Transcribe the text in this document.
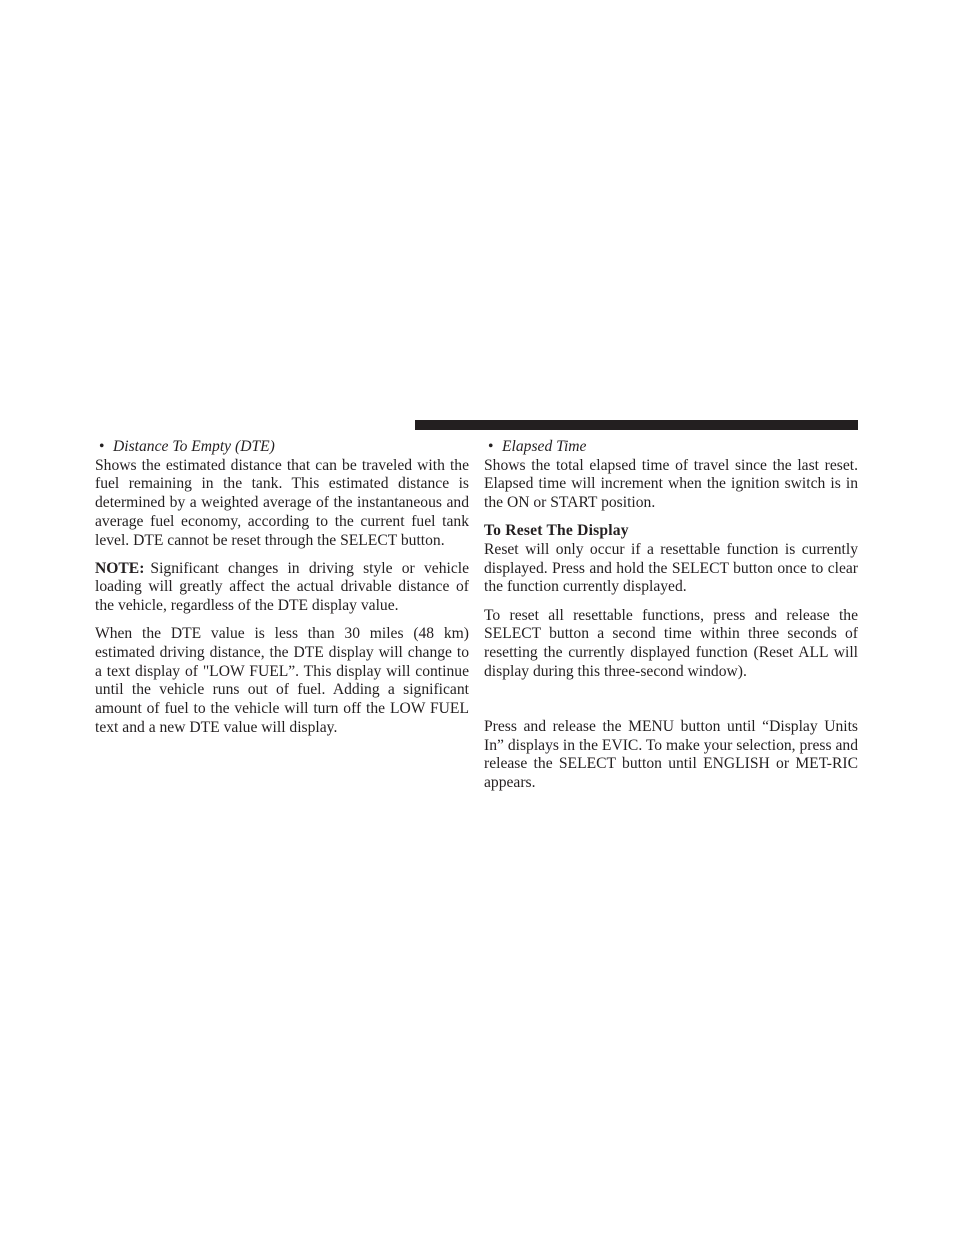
• Distance To Empty (DTE)

Shows the estimated distance that can be traveled with the fuel remaining in the tank. This estimated distance is determined by a weighted average of the instantaneous and average fuel economy, according to the current fuel tank level. DTE cannot be reset through the SELECT button.

NOTE: Significant changes in driving style or vehicle loading will greatly affect the actual drivable distance of the vehicle, regardless of the DTE display value.

When the DTE value is less than 30 miles (48 km) estimated driving distance, the DTE display will change to a text display of "LOW FUEL”. This display will continue until the vehicle runs out of fuel. Adding a significant amount of fuel to the vehicle will turn off the LOW FUEL text and a new DTE value will display.

• Elapsed Time

Shows the total elapsed time of travel since the last reset. Elapsed time will increment when the ignition switch is in the ON or START position.

To Reset The Display

Reset will only occur if a resettable function is currently displayed. Press and hold the SELECT button once to clear the function currently displayed.

To reset all resettable functions, press and release the SELECT button a second time within three seconds of resetting the currently displayed function (Reset ALL will display during this three-second window).

Press and release the MENU button until “Display Units In” displays in the EVIC. To make your selection, press and release the SELECT button until ENGLISH or MET-RIC appears.
